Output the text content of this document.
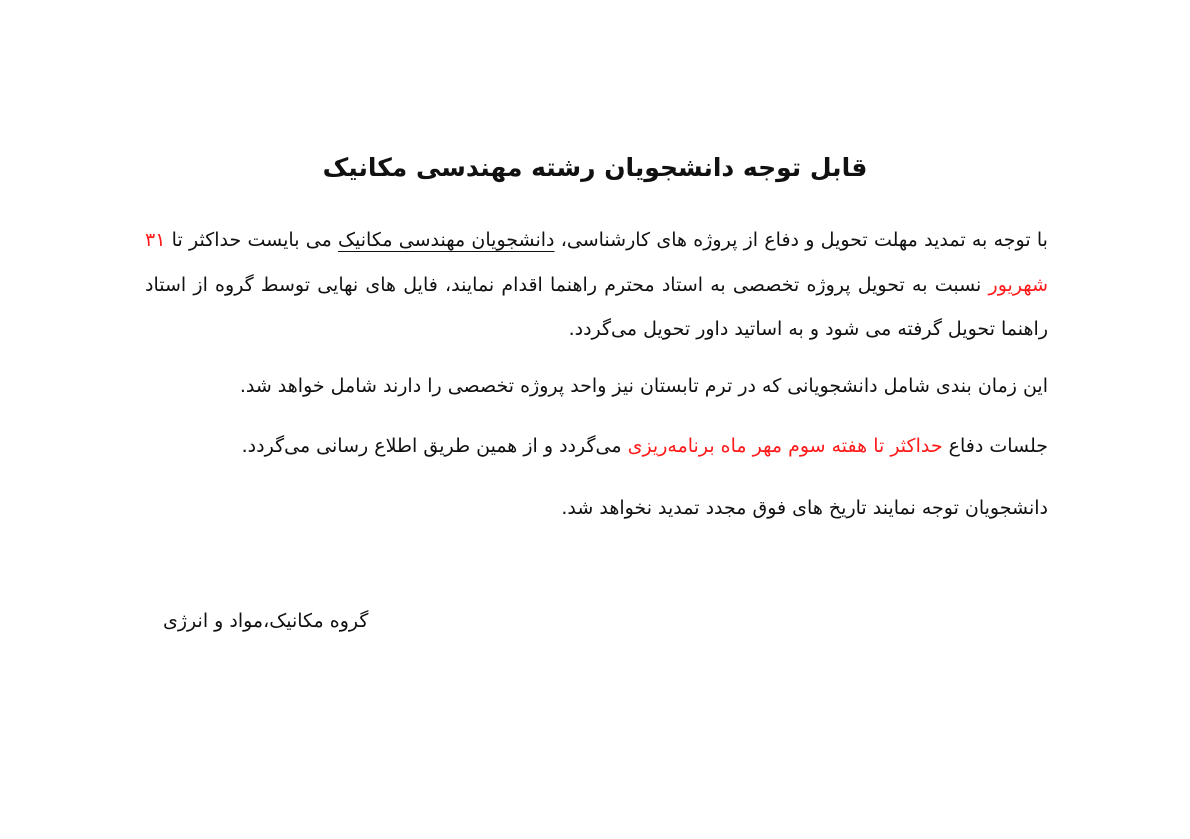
قابل توجه دانشجویان رشته مهندسی مکانیک

با توجه به تمدید مهلت تحویل و دفاع از پروژه های کارشناسی، دانشجویان مهندسی مکانیک می بایست حداکثر تا ۳۱ شهریور نسبت به تحویل پروژه تخصصی به استاد محترم راهنما اقدام نمایند، فایل های نهایی توسط گروه از استاد راهنما تحویل گرفته می شود و به اساتید داور تحویل می‌گردد.

این زمان بندی شامل دانشجویانی که در ترم تابستان نیز واحد پروژه تخصصی را دارند شامل خواهد شد.

جلسات دفاع حداکثر تا هفته سوم مهر ماه برنامه‌ریزی می‌گردد و از همین طریق اطلاع رسانی می‌گردد.

دانشجویان توجه نمایند تاریخ های فوق مجدد تمدید نخواهد شد.

گروه مکانیک،مواد و انرژی
